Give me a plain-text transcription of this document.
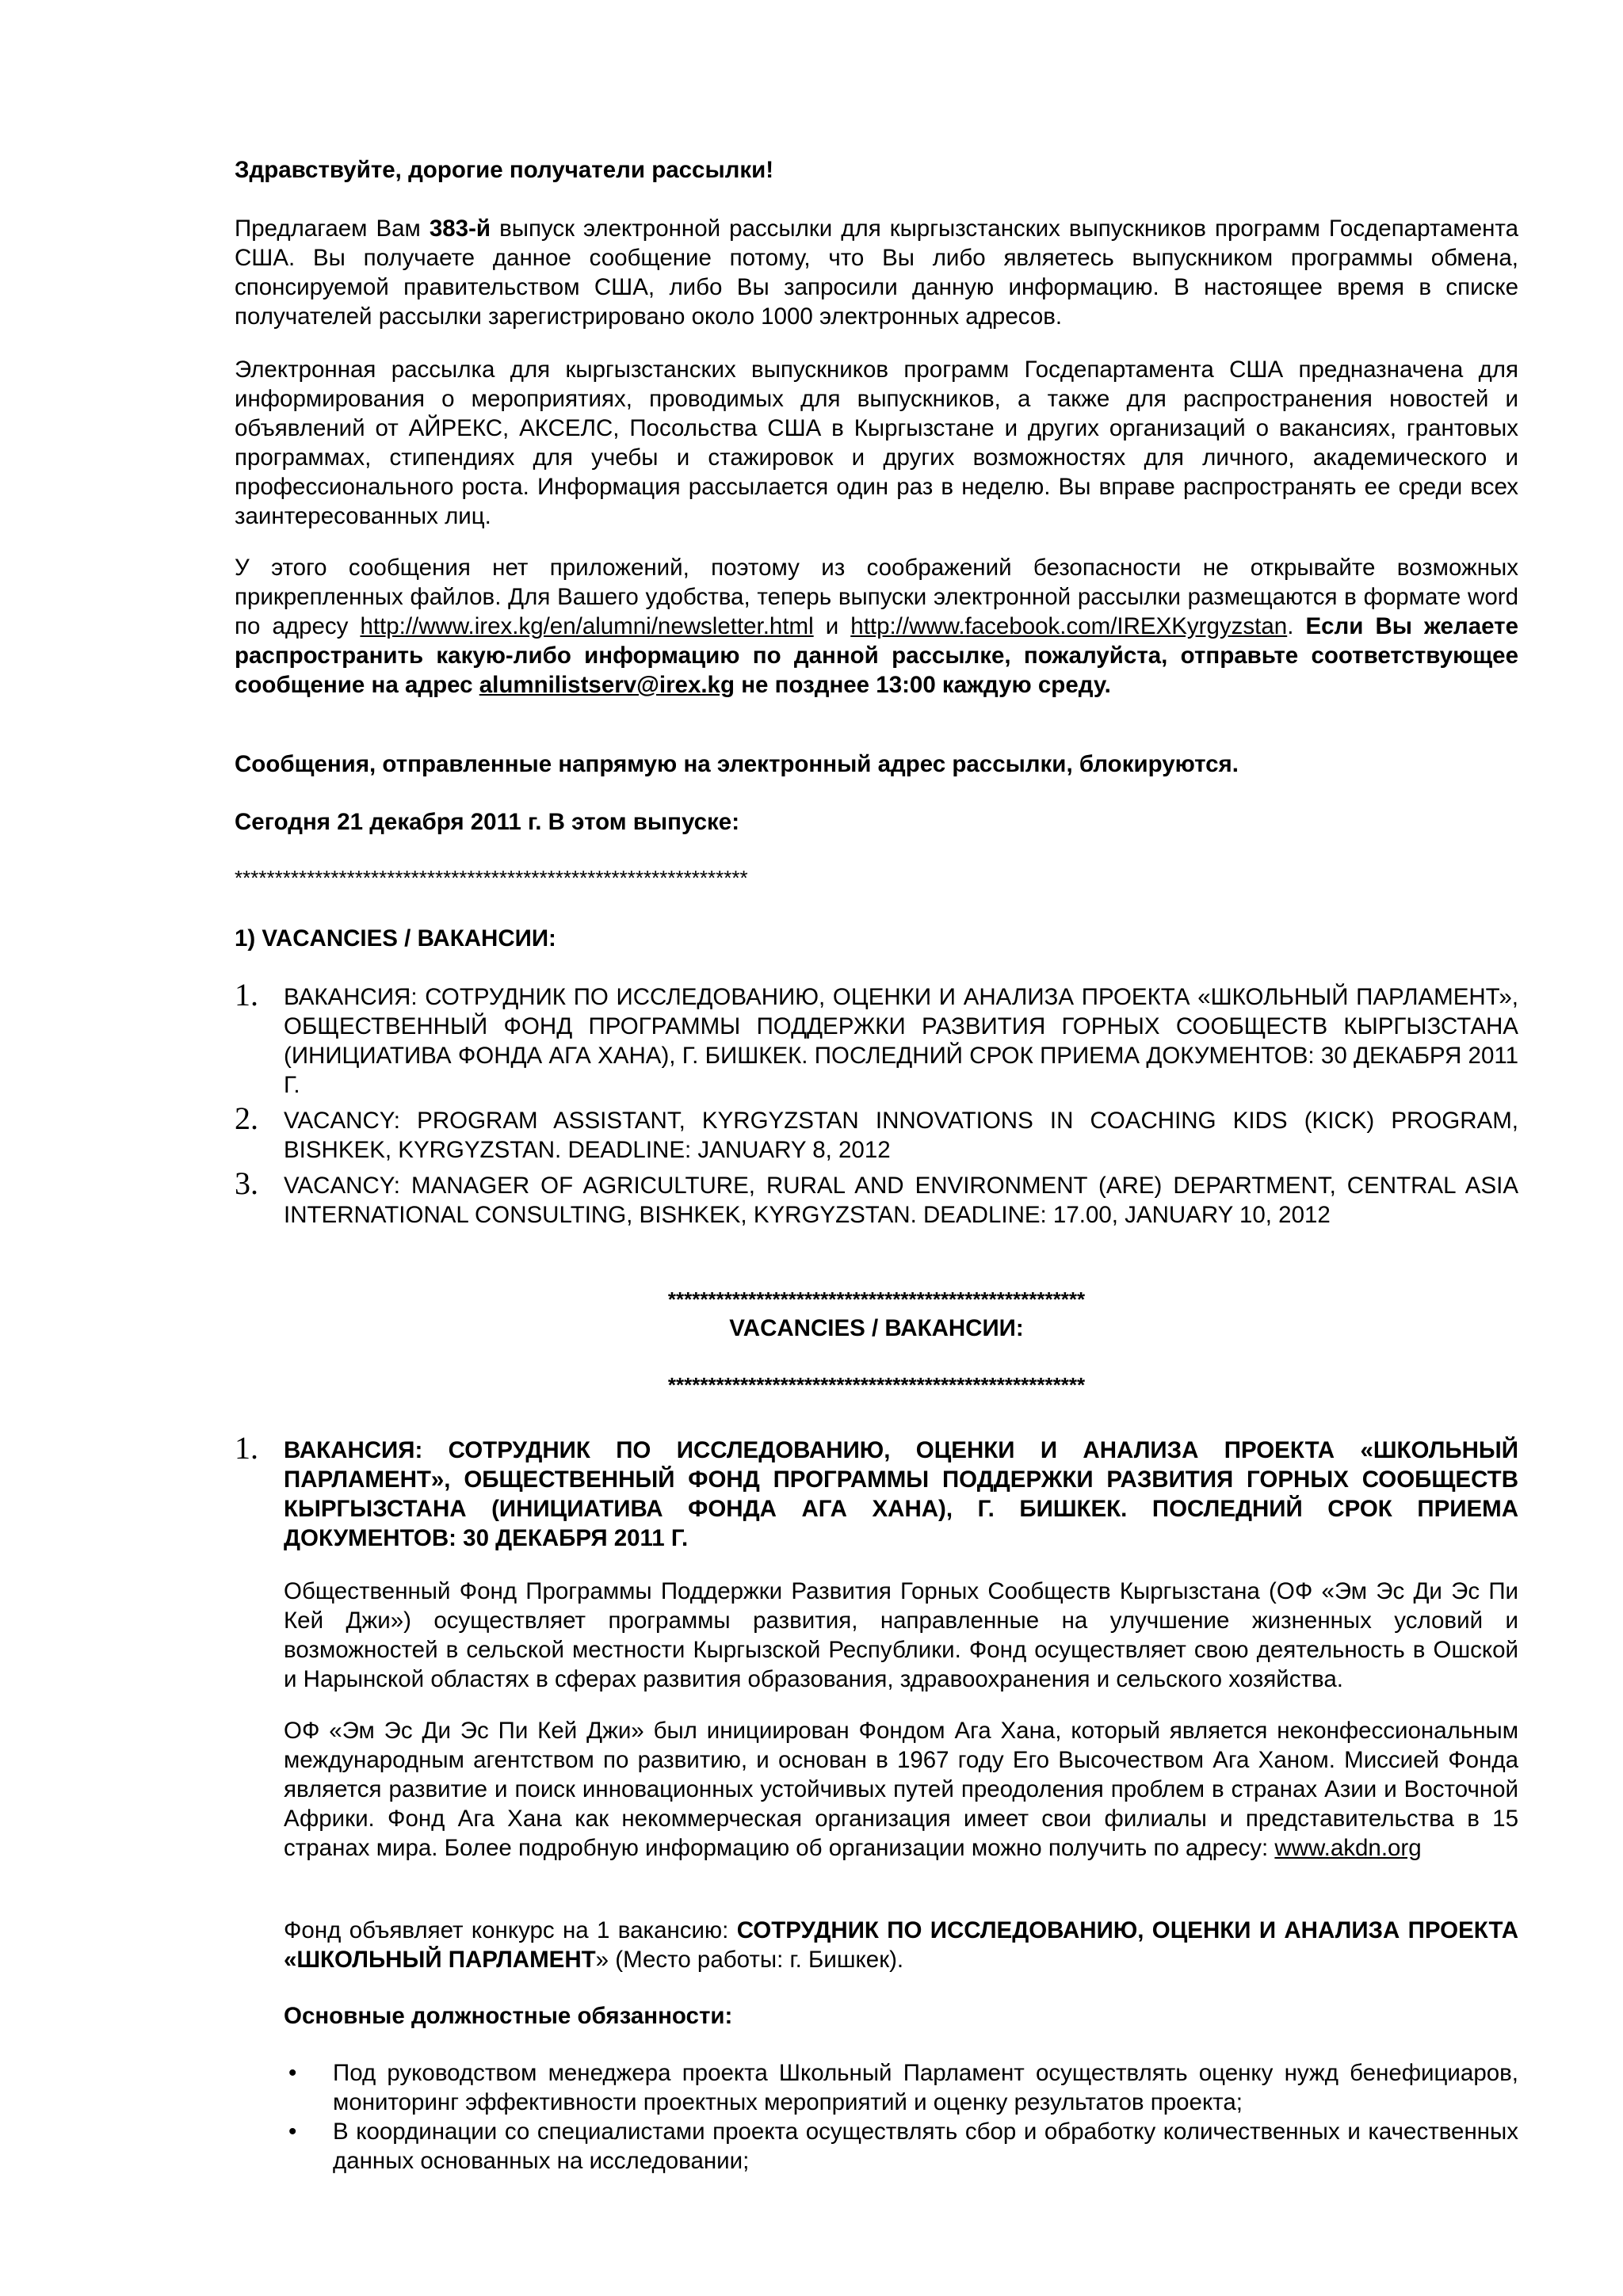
Здравствуйте, дорогие получатели рассылки!

Предлагаем Вам 383-й выпуск электронной рассылки для кыргызстанских выпускников программ Госдепартамента США. Вы получаете данное сообщение потому, что Вы либо являетесь выпускником программы обмена, спонсируемой правительством США, либо Вы запросили данную информацию. В настоящее время в списке получателей рассылки зарегистрировано около 1000 электронных адресов.

Электронная рассылка для кыргызстанских выпускников программ Госдепартамента США предназначена для информирования о мероприятиях, проводимых для выпускников, а также для распространения новостей и объявлений от АЙРЕКС, АКСЕЛС, Посольства США в Кыргызстане и других организаций о вакансиях, грантовых программах, стипендиях для учебы и стажировок и других возможностях для личного, академического и профессионального роста. Информация рассылается один раз в неделю. Вы вправе распространять ее среди всех заинтересованных лиц.

У этого сообщения нет приложений, поэтому из соображений безопасности не открывайте возможных прикрепленных файлов. Для Вашего удобства, теперь выпуски электронной рассылки размещаются в формате word по адресу http://www.irex.kg/en/alumni/newsletter.html и http://www.facebook.com/IREXKyrgyzstan. Если Вы желаете распространить какую-либо информацию по данной рассылке, пожалуйста, отправьте соответствующее сообщение на адрес alumnilistserv@irex.kg не позднее 13:00 каждую среду.

Сообщения, отправленные напрямую на электронный адрес рассылки, блокируются.

Сегодня 21 декабря 2011 г. В этом выпуске:

****************************************************************

1) VACANCIES / ВАКАНСИИ:

1. ВАКАНСИЯ: СОТРУДНИК ПО ИССЛЕДОВАНИЮ, ОЦЕНКИ И АНАЛИЗА ПРОЕКТА «ШКОЛЬНЫЙ ПАРЛАМЕНТ», ОБЩЕСТВЕННЫЙ ФОНД ПРОГРАММЫ ПОДДЕРЖКИ РАЗВИТИЯ ГОРНЫХ СООБЩЕСТВ КЫРГЫЗСТАНА (ИНИЦИАТИВА ФОНДА АГА ХАНА), Г. БИШКЕК. ПОСЛЕДНИЙ СРОК ПРИЕМА ДОКУМЕНТОВ: 30 ДЕКАБРЯ 2011 Г.
2. VACANCY: PROGRAM ASSISTANT, KYRGYZSTAN INNOVATIONS IN COACHING KIDS (KICK) PROGRAM, BISHKEK, KYRGYZSTAN. DEADLINE: JANUARY 8, 2012
3. VACANCY: MANAGER OF AGRICULTURE, RURAL AND ENVIRONMENT (ARE) DEPARTMENT, CENTRAL ASIA INTERNATIONAL CONSULTING, BISHKEK, KYRGYZSTAN. DEADLINE: 17.00, JANUARY 10, 2012

****************************************************

VACANCIES / ВАКАНСИИ:

****************************************************

1. ВАКАНСИЯ: СОТРУДНИК ПО ИССЛЕДОВАНИЮ, ОЦЕНКИ И АНАЛИЗА ПРОЕКТА «ШКОЛЬНЫЙ ПАРЛАМЕНТ», ОБЩЕСТВЕННЫЙ ФОНД ПРОГРАММЫ ПОДДЕРЖКИ РАЗВИТИЯ ГОРНЫХ СООБЩЕСТВ КЫРГЫЗСТАНА (ИНИЦИАТИВА ФОНДА АГА ХАНА), Г. БИШКЕК. ПОСЛЕДНИЙ СРОК ПРИЕМА ДОКУМЕНТОВ: 30 ДЕКАБРЯ 2011 Г.

Общественный Фонд Программы Поддержки Развития Горных Сообществ Кыргызстана (ОФ «Эм Эс Ди Эс Пи Кей Джи») осуществляет программы развития, направленные на улучшение жизненных условий и возможностей в сельской местности Кыргызской Республики. Фонд осуществляет свою деятельность в Ошской и Нарынской областях в сферах развития образования, здравоохранения и сельского хозяйства.

ОФ «Эм Эс Ди Эс Пи Кей Джи» был инициирован Фондом Ага Хана, который является неконфессиональным международным агентством по развитию, и основан в 1967 году Его Высочеством Ага Ханом. Миссией Фонда является развитие и поиск инновационных устойчивых путей преодоления проблем в странах Азии и Восточной Африки. Фонд Ага Хана как некоммерческая организация имеет свои филиалы и представительства в 15 странах мира. Более подробную информацию об организации можно получить по адресу: www.akdn.org

Фонд объявляет конкурс на 1 вакансию: СОТРУДНИК ПО ИССЛЕДОВАНИЮ, ОЦЕНКИ И АНАЛИЗА ПРОЕКТА «ШКОЛЬНЫЙ ПАРЛАМЕНТ» (Место работы: г. Бишкек).

Основные должностные обязанности:

• Под руководством менеджера проекта Школьный Парламент осуществлять оценку нужд бенефициаров, мониторинг эффективности проектных мероприятий и оценку результатов проекта;
• В координации со специалистами проекта осуществлять сбор и обработку количественных и качественных данных основанных на исследовании;
